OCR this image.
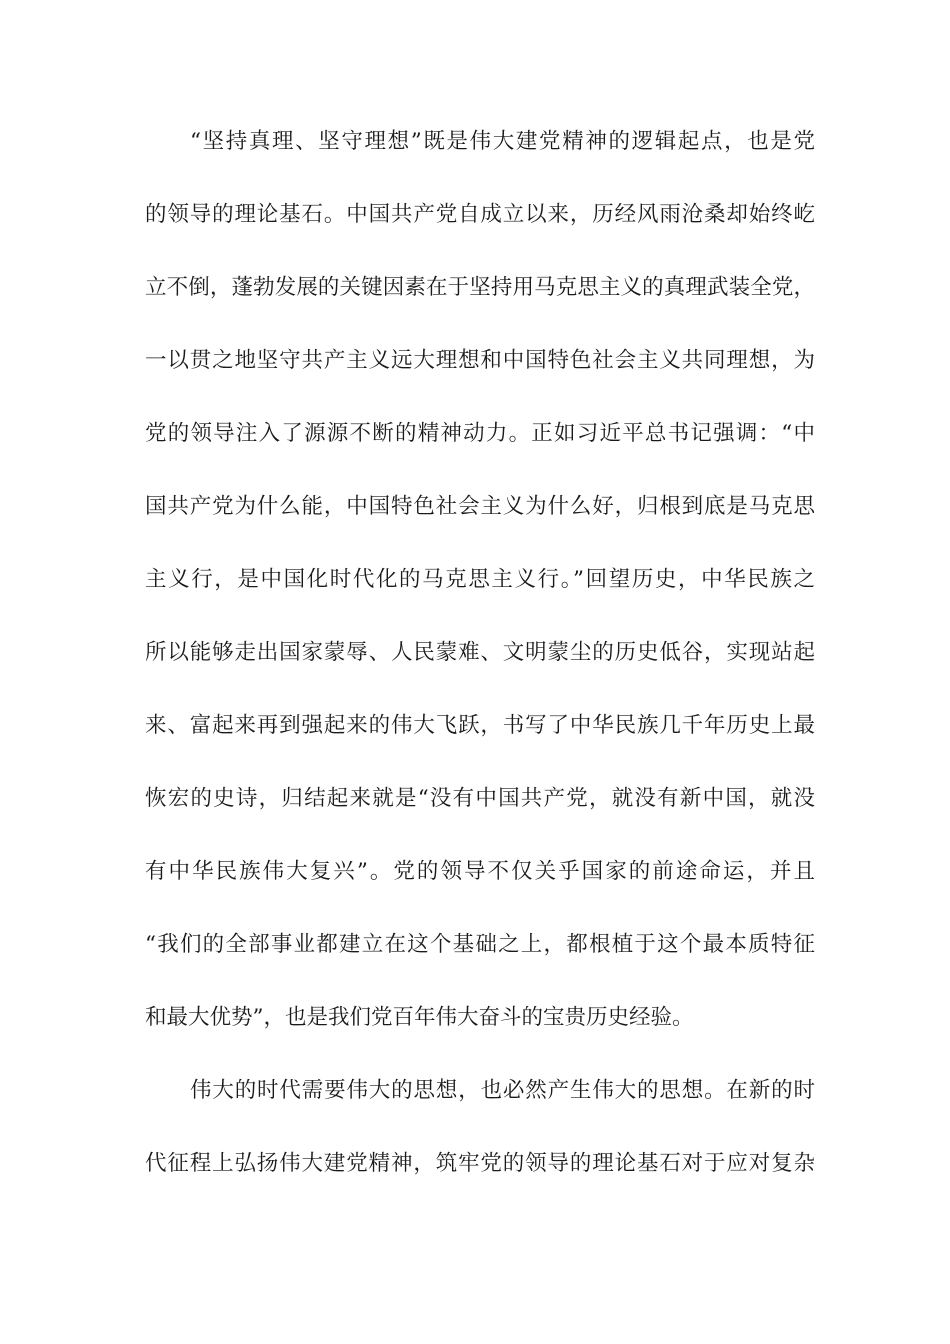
“坚持真理、坚守理想”既是伟大建党精神的逻辑起点，也是党
的领导的理论基石。中国共产党自成立以来，历经风雨沧桑却始终屹
立不倒，蓬勃发展的关键因素在于坚持用马克思主义的真理武装全党，
一以贯之地坚守共产主义远大理想和中国特色社会主义共同理想，为
党的领导注入了源源不断的精神动力。正如习近平总书记强调：“中
国共产党为什么能，中国特色社会主义为什么好，归根到底是马克思
主义行，是中国化时代化的马克思主义行。”回望历史，中华民族之
所以能够走出国家蒙辱、人民蒙难、文明蒙尘的历史低谷，实现站起
来、富起来再到强起来的伟大飞跃，书写了中华民族几千年历史上最
恢宏的史诗，归结起来就是“没有中国共产党，就没有新中国，就没
有中华民族伟大复兴”。党的领导不仅关乎国家的前途命运，并且
“我们的全部事业都建立在这个基础之上，都根植于这个最本质特征
和最大优势”，也是我们党百年伟大奋斗的宝贵历史经验。
伟大的时代需要伟大的思想，也必然产生伟大的思想。在新的时
代征程上弘扬伟大建党精神，筑牢党的领导的理论基石对于应对复杂
